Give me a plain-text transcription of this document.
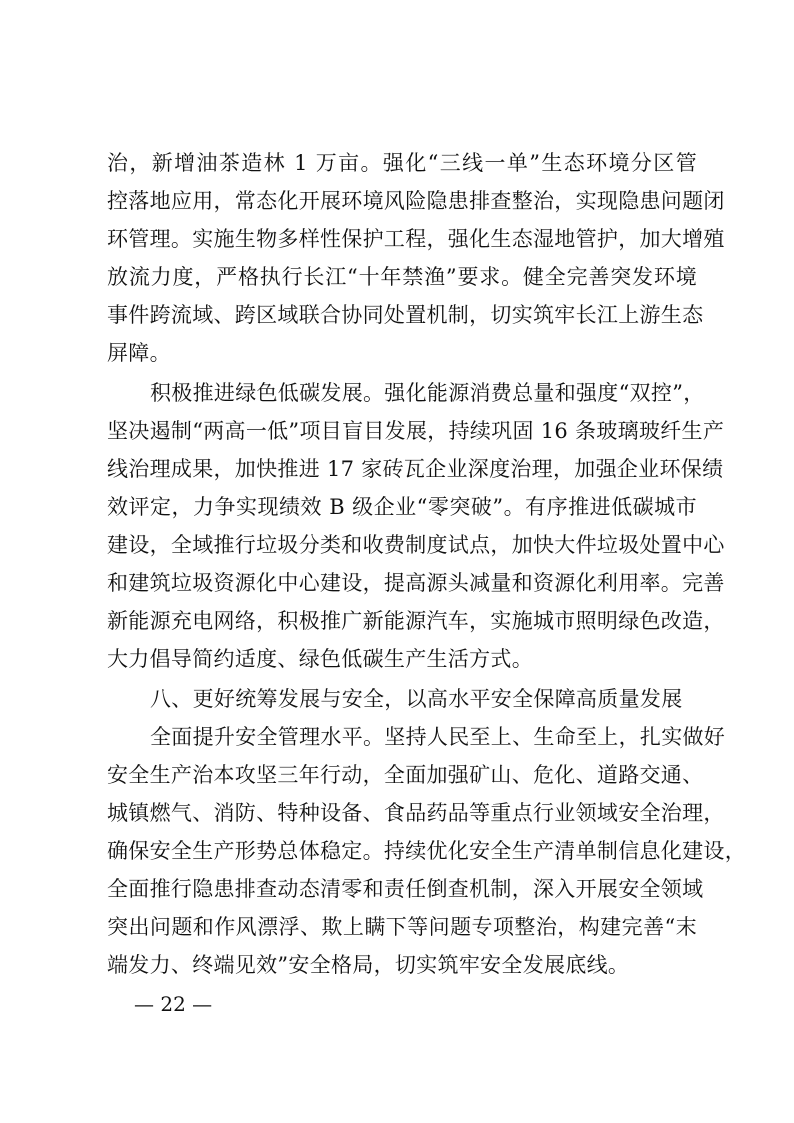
治，新增油茶造林 1 万亩。强化“三线一单”生态环境分区管
控落地应用，常态化开展环境风险隐患排查整治，实现隐患问题闭
环管理。实施生物多样性保护工程，强化生态湿地管护，加大增殖
放流力度，严格执行长江“十年禁渔”要求。健全完善突发环境
事件跨流域、跨区域联合协同处置机制，切实筑牢长江上游生态
屏障。
积极推进绿色低碳发展。强化能源消费总量和强度“双控”，
坚决遏制“两高一低”项目盲目发展，持续巩固 16 条玻璃玻纤生产
线治理成果，加快推进 17 家砖瓦企业深度治理，加强企业环保绩
效评定，力争实现绩效 B 级企业“零突破”。有序推进低碳城市
建设，全域推行垃圾分类和收费制度试点，加快大件垃圾处置中心
和建筑垃圾资源化中心建设，提高源头减量和资源化利用率。完善
新能源充电网络，积极推广新能源汽车，实施城市照明绿色改造，
大力倡导简约适度、绿色低碳生产生活方式。
八、更好统筹发展与安全，以高水平安全保障高质量发展
全面提升安全管理水平。坚持人民至上、生命至上，扎实做好
安全生产治本攻坚三年行动，全面加强矿山、危化、道路交通、
城镇燃气、消防、特种设备、食品药品等重点行业领域安全治理，
确保安全生产形势总体稳定。持续优化安全生产清单制信息化建设，
全面推行隐患排查动态清零和责任倒查机制，深入开展安全领域
突出问题和作风漂浮、欺上瞒下等问题专项整治，构建完善“末
端发力、终端见效”安全格局，切实筑牢安全发展底线。
— 22 —
